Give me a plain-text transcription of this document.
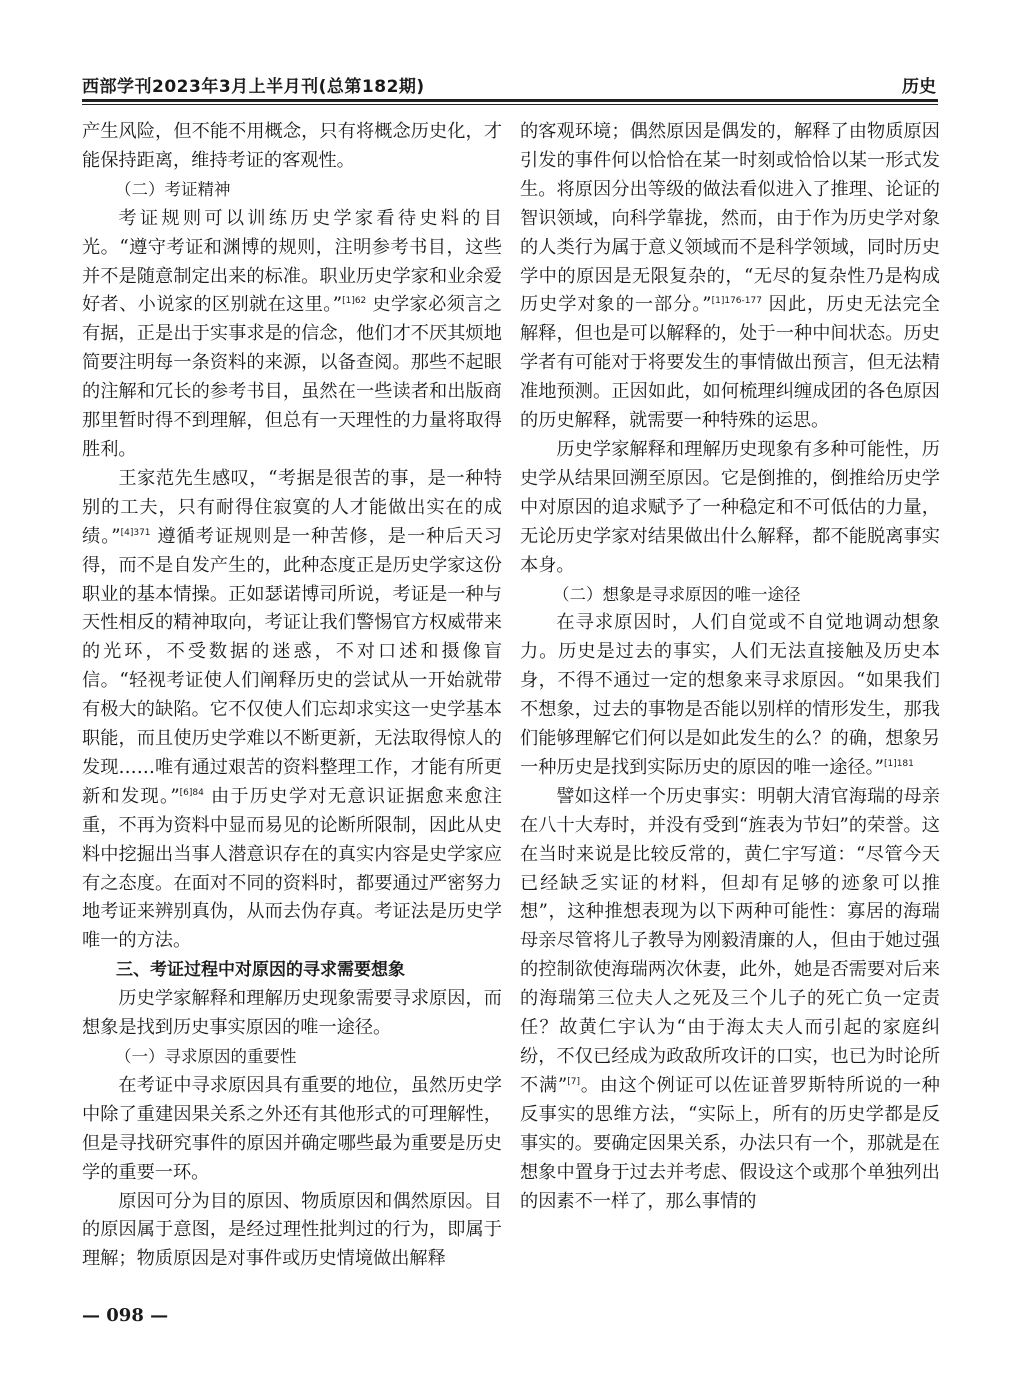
西部学刊2023年3月上半月刊(总第182期)	历史

产生风险，但不能不用概念，只有将概念历史化，才能保持距离，维持考证的客观性。

（二）考证精神

考证规则可以训练历史学家看待史料的目光。“遵守考证和渊博的规则，注明参考书目，这些并不是随意制定出来的标准。职业历史学家和业余爱好者、小说家的区别就在这里。”$^{[1]62}$ 史学家必须言之有据，正是出于实事求是的信念，他们才不厌其烦地简要注明每一条资料的来源，以备查阅。那些不起眼的注解和冗长的参考书目，虽然在一些读者和出版商那里暂时得不到理解，但总有一天理性的力量将取得胜利。

王家范先生感叹，“考据是很苦的事，是一种特别的工夫，只有耐得住寂寞的人才能做出实在的成绩。”$^{[4]371}$ 遵循考证规则是一种苦修，是一种后天习得，而不是自发产生的，此种态度正是历史学家这份职业的基本情操。正如瑟诺博司所说，考证是一种与天性相反的精神取向，考证让我们警惕官方权威带来的光环，不受数据的迷惑，不对口述和摄像盲信。“轻视考证使人们阐释历史的尝试从一开始就带有极大的缺陷。它不仅使人们忘却求实这一史学基本职能，而且使历史学难以不断更新，无法取得惊人的发现……唯有通过艰苦的资料整理工作，才能有所更新和发现。”$^{[6]84}$ 由于历史学对无意识证据愈来愈注重，不再为资料中显而易见的论断所限制，因此从史料中挖掘出当事人潜意识存在的真实内容是史学家应有之态度。在面对不同的资料时，都要通过严密努力地考证来辨别真伪，从而去伪存真。考证法是历史学唯一的方法。

三、考证过程中对原因的寻求需要想象

历史学家解释和理解历史现象需要寻求原因，而想象是找到历史事实原因的唯一途径。

（一）寻求原因的重要性

在考证中寻求原因具有重要的地位，虽然历史学中除了重建因果关系之外还有其他形式的可理解性，但是寻找研究事件的原因并确定哪些最为重要是历史学的重要一环。

原因可分为目的原因、物质原因和偶然原因。目的原因属于意图，是经过理性批判过的行为，即属于理解；物质原因是对事件或历史情境做出解释

的客观环境；偶然原因是偶发的，解释了由物质原因引发的事件何以恰恰在某一时刻或恰恰以某一形式发生。将原因分出等级的做法看似进入了推理、论证的智识领域，向科学靠拢，然而，由于作为历史学对象的人类行为属于意义领域而不是科学领域，同时历史学中的原因是无限复杂的，“无尽的复杂性乃是构成历史学对象的一部分。”$^{[1]176-177}$ 因此，历史无法完全解释，但也是可以解释的，处于一种中间状态。历史学者有可能对于将要发生的事情做出预言，但无法精准地预测。正因如此，如何梳理纠缠成团的各色原因的历史解释，就需要一种特殊的运思。

历史学家解释和理解历史现象有多种可能性，历史学从结果回溯至原因。它是倒推的，倒推给历史学中对原因的追求赋予了一种稳定和不可低估的力量，无论历史学家对结果做出什么解释，都不能脱离事实本身。

（二）想象是寻求原因的唯一途径

在寻求原因时，人们自觉或不自觉地调动想象力。历史是过去的事实，人们无法直接触及历史本身，不得不通过一定的想象来寻求原因。“如果我们不想象，过去的事物是否能以别样的情形发生，那我们能够理解它们何以是如此发生的么？的确，想象另一种历史是找到实际历史的原因的唯一途径。”$^{[1]181}$

譬如这样一个历史事实：明朝大清官海瑞的母亲在八十大寿时，并没有受到“旌表为节妇”的荣誉。这在当时来说是比较反常的，黄仁宇写道：“尽管今天已经缺乏实证的材料，但却有足够的迹象可以推想”，这种推想表现为以下两种可能性：寡居的海瑞母亲尽管将儿子教导为刚毅清廉的人，但由于她过强的控制欲使海瑞两次休妻，此外，她是否需要对后来的海瑞第三位夫人之死及三个儿子的死亡负一定责任？故黄仁宇认为“由于海太夫人而引起的家庭纠纷，不仅已经成为政敌所攻讦的口实，也已为时论所不满”[7]。由这个例证可以佐证普罗斯特所说的一种反事实的思维方法，“实际上，所有的历史学都是反事实的。要确定因果关系，办法只有一个，那就是在想象中置身于过去并考虑、假设这个或那个单独列出的因素不一样了，那么事情的

— 098 —
